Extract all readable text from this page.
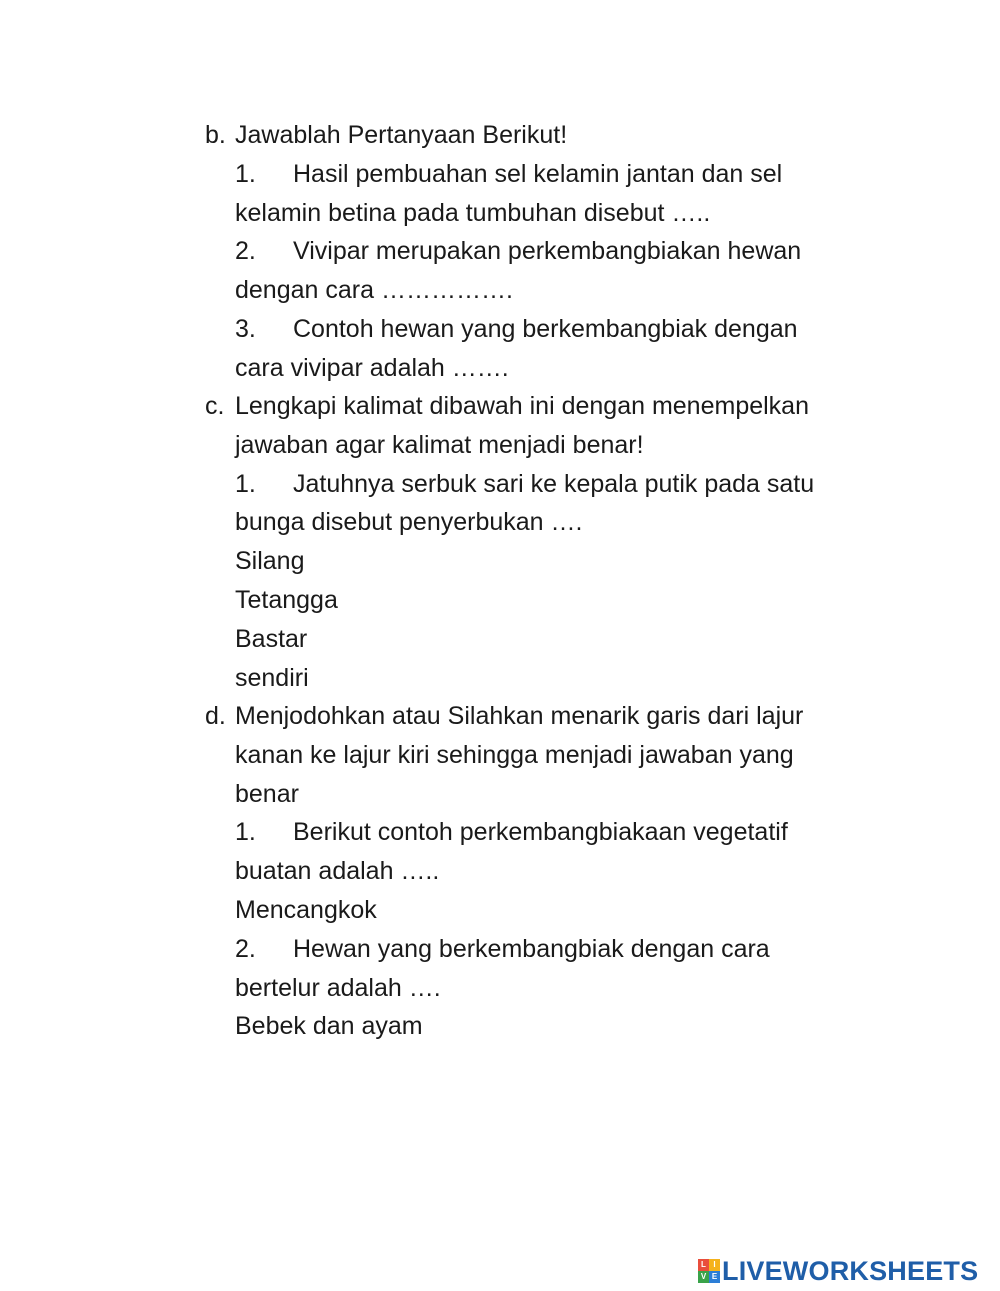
b. Jawablah Pertanyaan Berikut!
1. Hasil pembuahan sel kelamin jantan dan sel
kelamin betina pada tumbuhan disebut …..
2. Vivipar merupakan perkembangbiakan hewan
dengan cara …………….
3. Contoh hewan yang berkembangbiak dengan
cara vivipar adalah …….
c. Lengkapi kalimat dibawah ini dengan menempelkan
jawaban agar kalimat menjadi benar!
1. Jatuhnya serbuk sari ke kepala putik pada satu
bunga disebut penyerbukan ….
Silang
Tetangga
Bastar
sendiri
d. Menjodohkan atau Silahkan menarik garis dari lajur
kanan ke lajur kiri sehingga menjadi jawaban yang
benar
1. Berikut contoh perkembangbiakaan vegetatif
buatan adalah …..
Mencangkok
2. Hewan yang berkembangbiak dengan cara
bertelur adalah ….
Bebek dan ayam
L I
V E LIVEWORKSHEETS
